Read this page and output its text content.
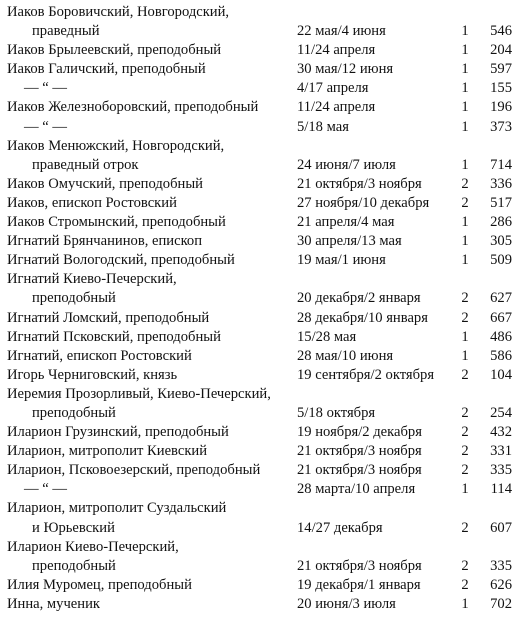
Иаков Боровичский, Новгородский,
праведный	22 мая/4 июня	1 546
Иаков Брылеевский, преподобный	11/24 апреля	1 204
Иаков Галичский, преподобный	30 мая/12 июня	1 597
— “ —	4/17 апреля	1 155
Иаков Железноборовский, преподобный	11/24 апреля	1 196
— “ —	5/18 мая	1 373
Иаков Менюжский, Новгородский,
праведный отрок	24 июня/7 июля	1 714
Иаков Омучский, преподобный	21 октября/3 ноября	2 336
Иаков, епископ Ростовский	27 ноября/10 декабря 2 517
Иаков Стромынский, преподобный	21 апреля/4 мая	1 286
Игнатий Брянчанинов, епископ	30 апреля/13 мая	1 305
Игнатий Вологодский, преподобный	19 мая/1 июня	1 509
Игнатий Киево-Печерский,
преподобный	20 декабря/2 января	2 627
Игнатий Ломский, преподобный	28 декабря/10 января 2 667
Игнатий Псковский, преподобный	15/28 мая	1 486
Игнатий, епископ Ростовский	28 мая/10 июня	1 586
Игорь Черниговский, князь	19 сентября/2 октября 2 104
Иеремия Прозорливый, Киево-Печерский,
преподобный	5/18 октября	2 254
Иларион Грузинский, преподобный	19 ноября/2 декабря	2 432
Иларион, митрополит Киевский	21 октября/3 ноября	2 331
Иларион, Псковоезерский, преподобный	21 октября/3 ноября	2 335
— “ —	28 марта/10 апреля	1 114
Иларион, митрополит Суздальский
и Юрьевский	14/27 декабря	2 607
Иларион Киево-Печерский,
преподобный	21 октября/3 ноября	2 335
Илия Муромец, преподобный	19 декабря/1 января	2 626
Инна, мученик	20 июня/3 июля	1 702
